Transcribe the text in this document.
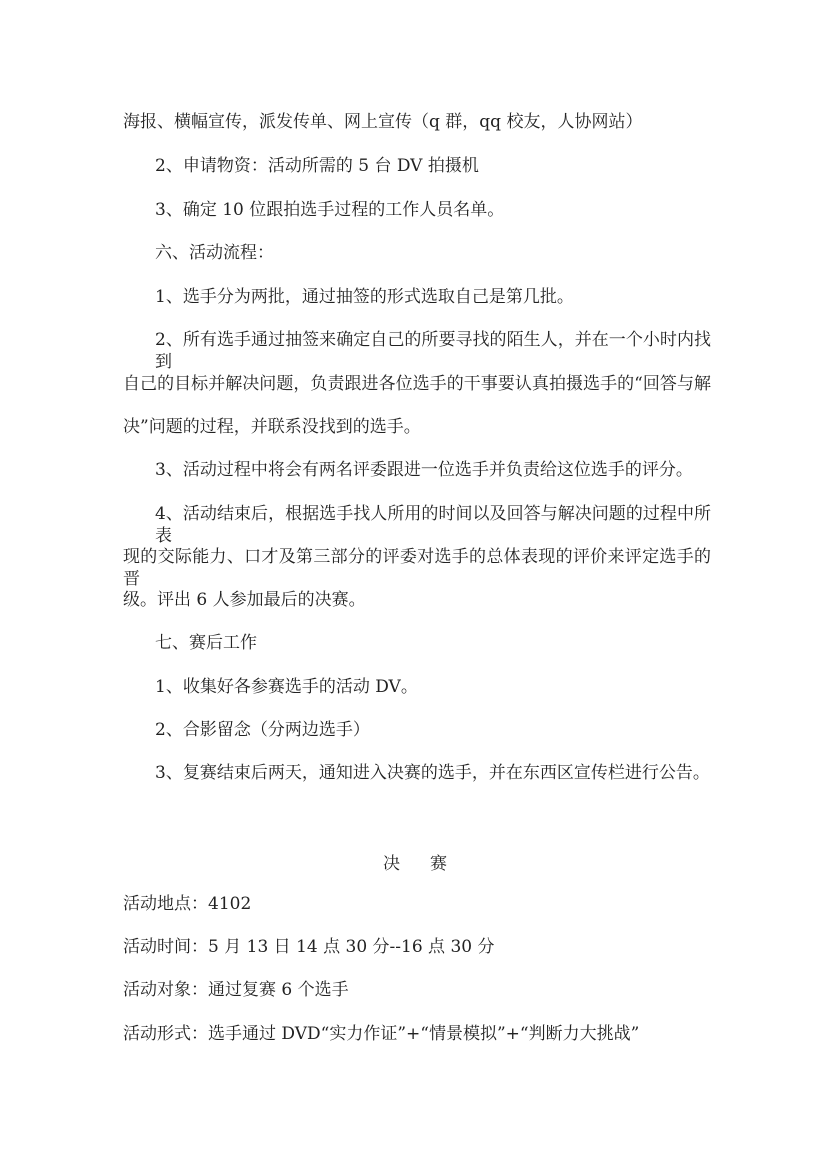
海报、横幅宣传，派发传单、网上宣传（q 群，qq 校友，人协网站）
2、申请物资：活动所需的 5 台 DV 拍摄机
3、确定 10 位跟拍选手过程的工作人员名单。
六、活动流程：
1、选手分为两批，通过抽签的形式选取自己是第几批。
2、所有选手通过抽签来确定自己的所要寻找的陌生人，并在一个小时内找到
自己的目标并解决问题，负责跟进各位选手的干事要认真拍摄选手的“回答与解
决”问题的过程，并联系没找到的选手。
3、活动过程中将会有两名评委跟进一位选手并负责给这位选手的评分。
4、活动结束后，根据选手找人所用的时间以及回答与解决问题的过程中所表
现的交际能力、口才及第三部分的评委对选手的总体表现的评价来评定选手的晋
级。评出 6 人参加最后的决赛。
七、赛后工作
1、收集好各参赛选手的活动 DV。
2、合影留念（分两边选手）
3、复赛结束后两天，通知进入决赛的选手，并在东西区宣传栏进行公告。
决赛
活动地点：4102
活动时间：5 月 13 日 14 点 30 分--16 点 30 分
活动对象：通过复赛 6 个选手
活动形式：选手通过 DVD“实力作证”+“情景模拟”+“判断力大挑战”
